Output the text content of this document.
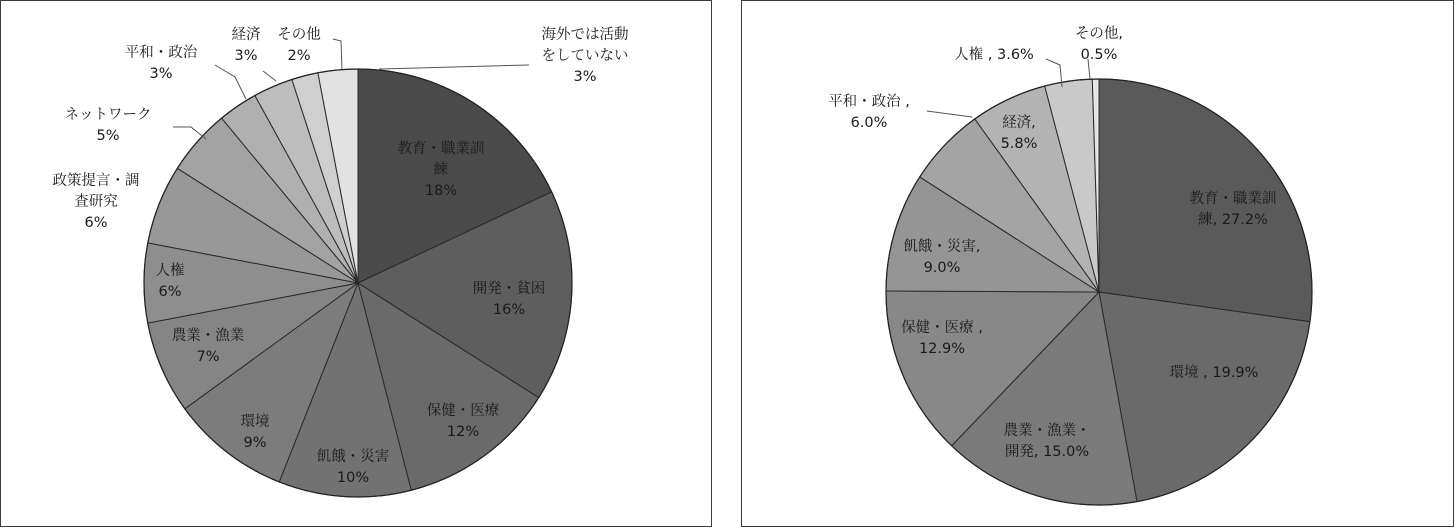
教育・職業訓練 18%
開発・貧困 16%
保健・医療 12%
飢餓・災害 10%
環境 9%
農業・漁業 7%
人権 6%
政策提言・調査研究 6%
ネットワーク 5%
平和・政治 3%
経済 3%
その他 2%
海外では活動をしていない 3%
教育・職業訓練, 27.2%
環境 , 19.9%
農業・漁業・開発, 15.0%
保健・医療 , 12.9%
飢餓・災害, 9.0%
平和・政治 , 6.0%	経済, 5.8%
人権 , 3.6%
その他, 0.5%
